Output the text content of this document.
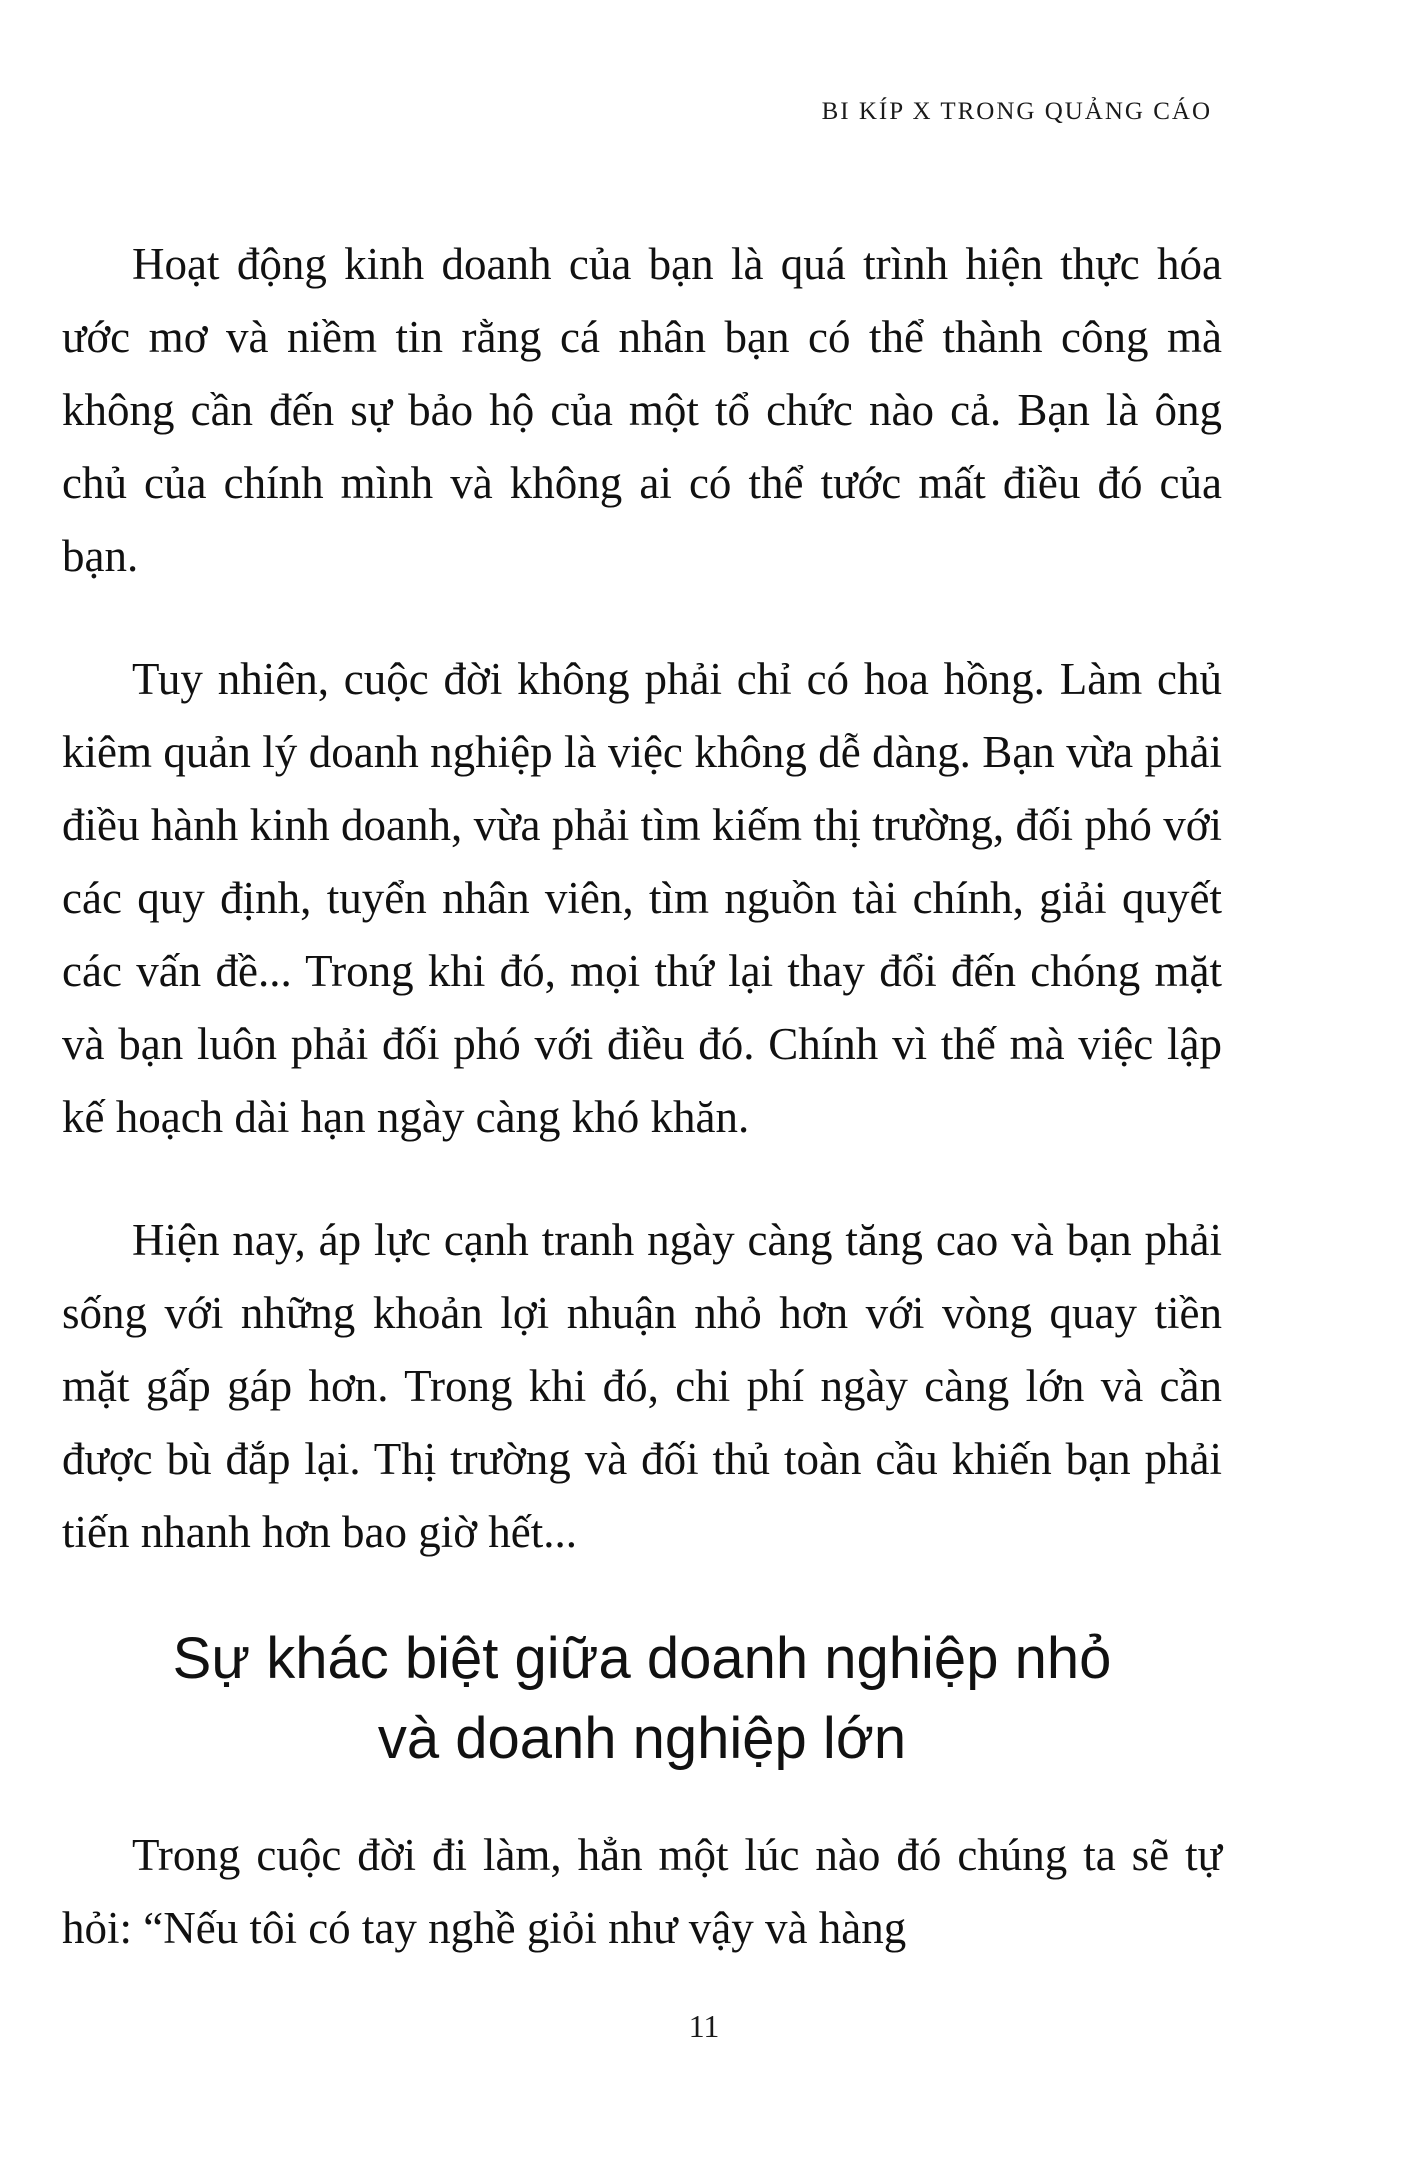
BI KÍP X TRONG QUẢNG CÁO

Hoạt động kinh doanh của bạn là quá trình hiện thực hóa ước mơ và niềm tin rằng cá nhân bạn có thể thành công mà không cần đến sự bảo hộ của một tổ chức nào cả. Bạn là ông chủ của chính mình và không ai có thể tước mất điều đó của bạn.

Tuy nhiên, cuộc đời không phải chỉ có hoa hồng. Làm chủ kiêm quản lý doanh nghiệp là việc không dễ dàng. Bạn vừa phải điều hành kinh doanh, vừa phải tìm kiếm thị trường, đối phó với các quy định, tuyển nhân viên, tìm nguồn tài chính, giải quyết các vấn đề... Trong khi đó, mọi thứ lại thay đổi đến chóng mặt và bạn luôn phải đối phó với điều đó. Chính vì thế mà việc lập kế hoạch dài hạn ngày càng khó khăn.

Hiện nay, áp lực cạnh tranh ngày càng tăng cao và bạn phải sống với những khoản lợi nhuận nhỏ hơn với vòng quay tiền mặt gấp gáp hơn. Trong khi đó, chi phí ngày càng lớn và cần được bù đắp lại. Thị trường và đối thủ toàn cầu khiến bạn phải tiến nhanh hơn bao giờ hết...

Sự khác biệt giữa doanh nghiệp nhỏ
và doanh nghiệp lớn

Trong cuộc đời đi làm, hẳn một lúc nào đó chúng ta sẽ tự hỏi: “Nếu tôi có tay nghề giỏi như vậy và hàng

11
